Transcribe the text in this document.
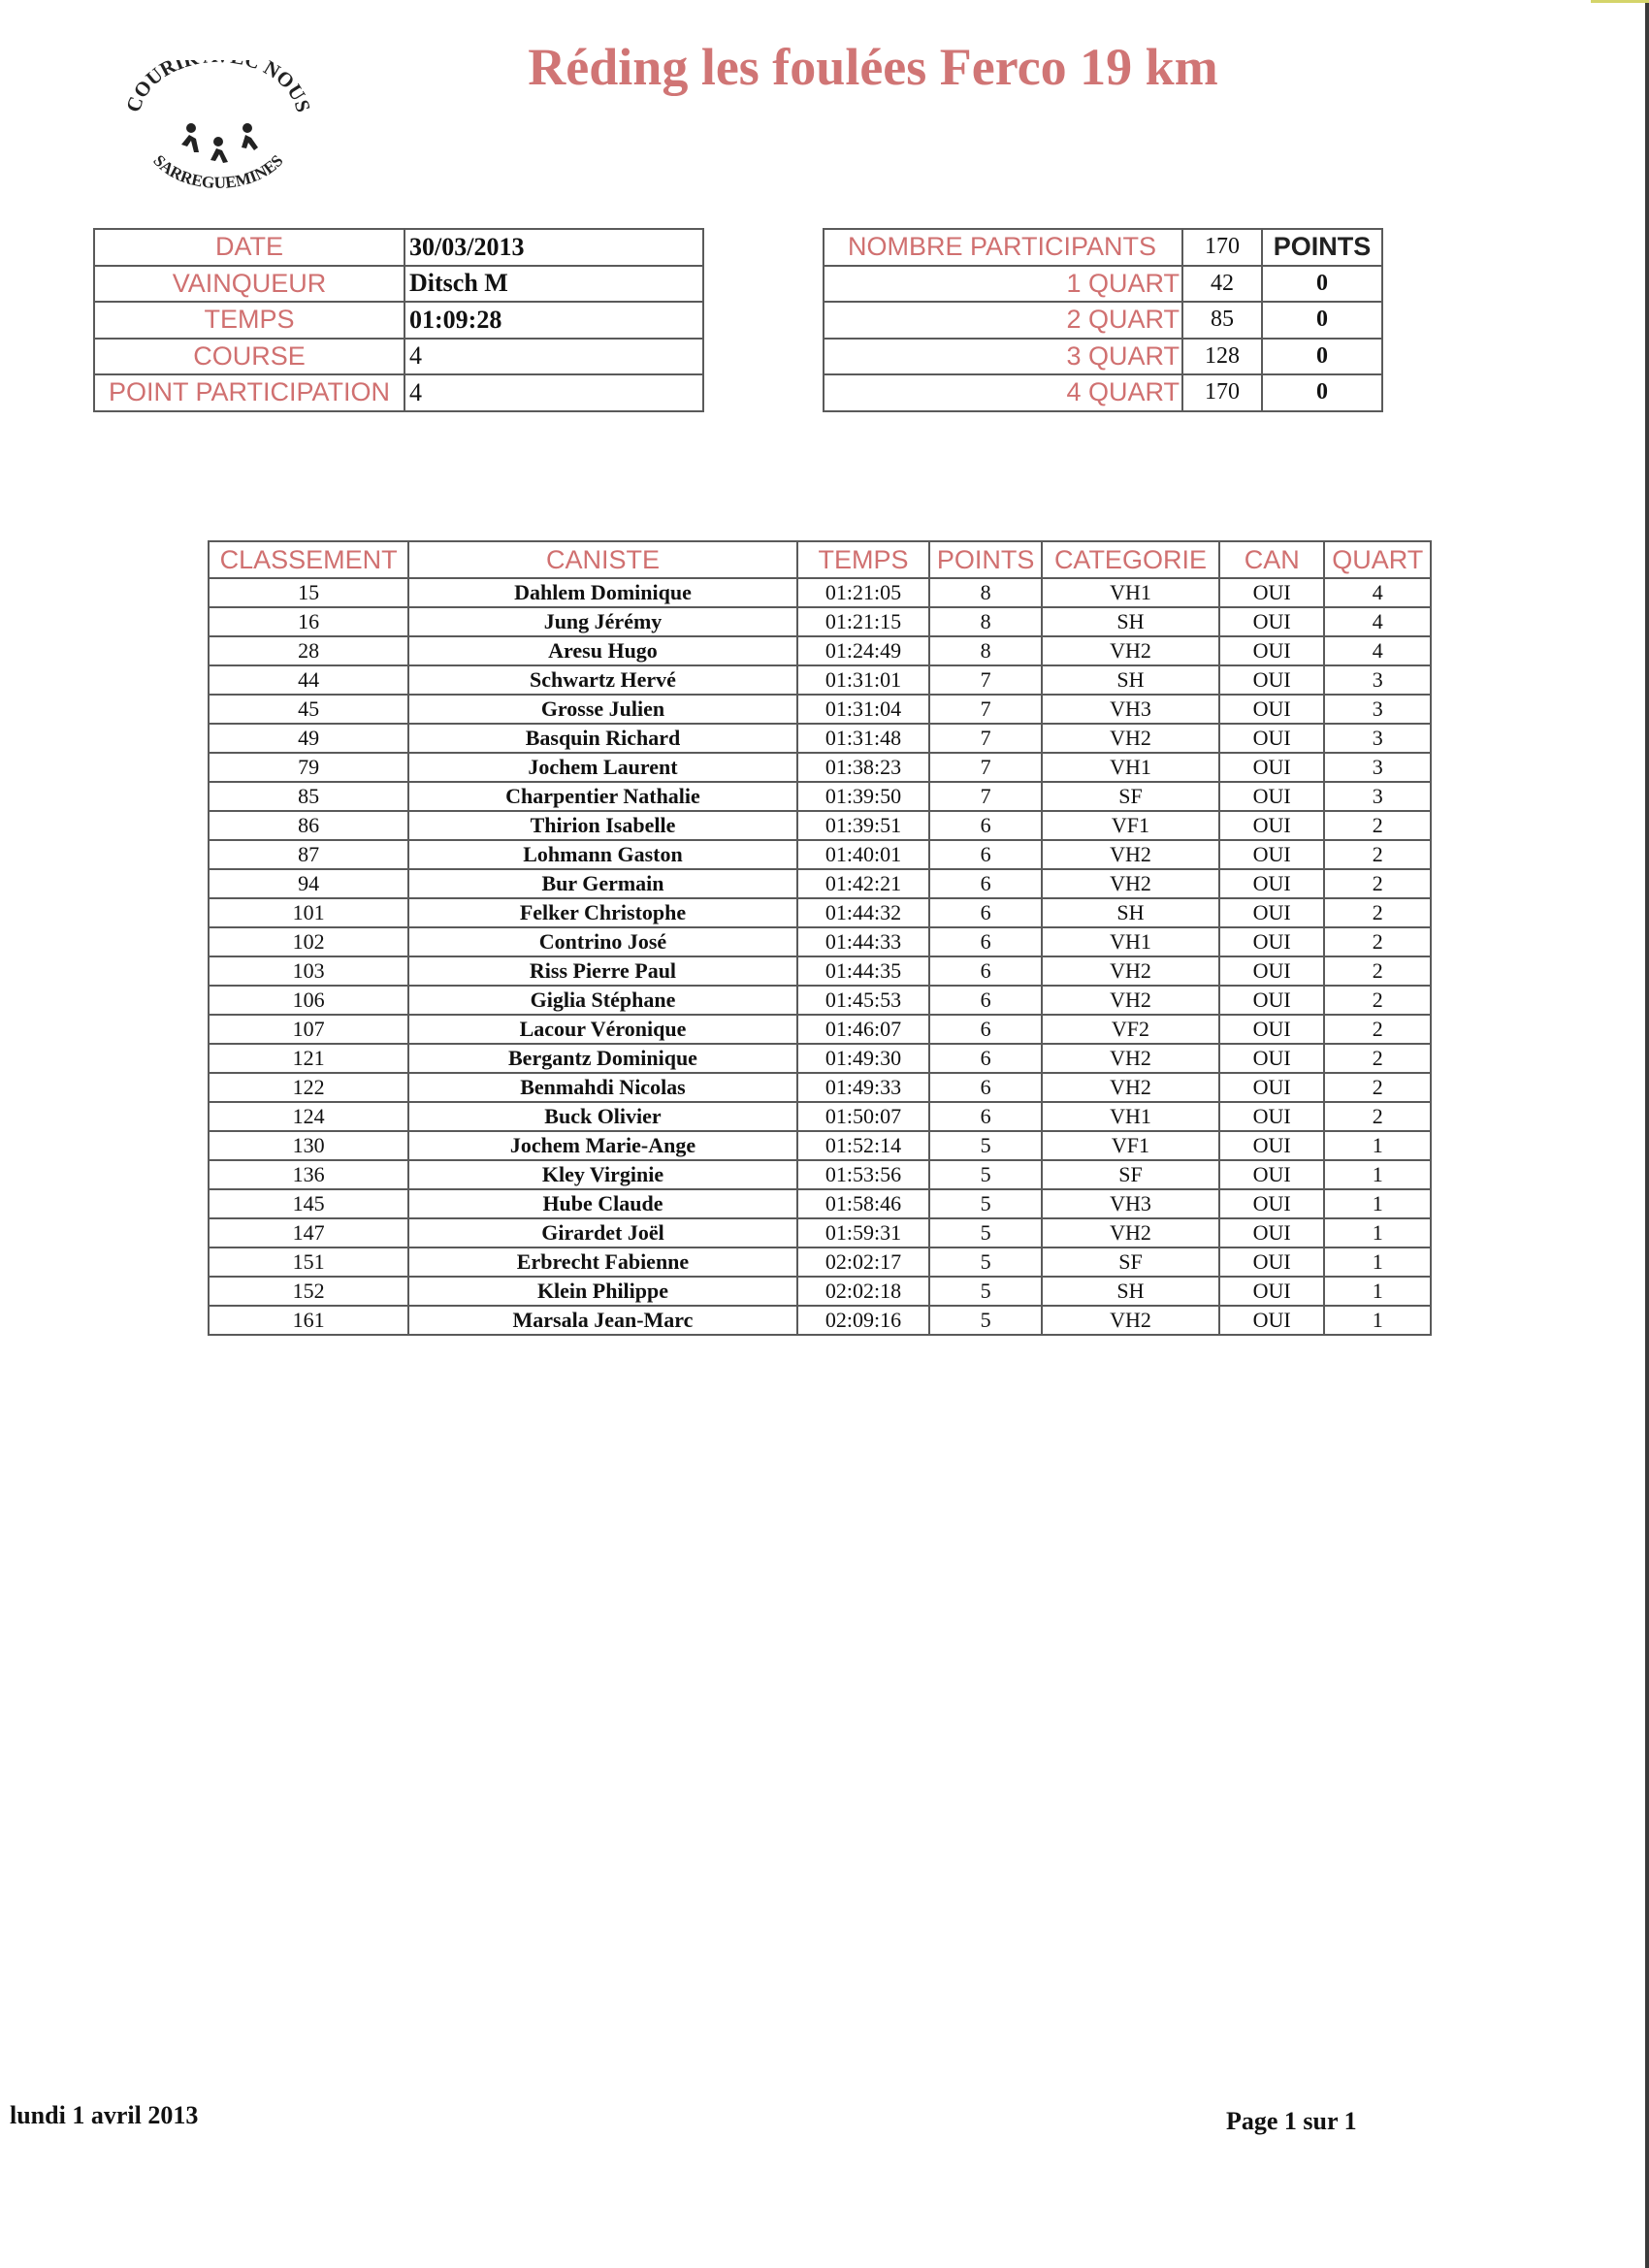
COURI C NOUS
SARREGUEMINES
Réding les foulées Ferco 19 km
DATE	30/03/2013
VAINQUEUR	Ditsch M
TEMPS	01:09:28
COURSE	4
POINT PARTICIPATION	4
NOMBRE PARTICIPANTS	170	POINTS
1 QUART	42	0
2 QUART	85	0
3 QUART	128	0
4 QUART	170	0
CLASSEMENT	CANISTE	TEMPS	POINTS	CATEGORIE	CAN	QUART
15	Dahlem Dominique	01:21:05	8	VH1	OUI	4
16	Jung Jérémy	01:21:15	8	SH	OUI	4
28	Aresu Hugo	01:24:49	8	VH2	OUI	4
44	Schwartz Hervé	01:31:01	7	SH	OUI	3
45	Grosse Julien	01:31:04	7	VH3	OUI	3
49	Basquin Richard	01:31:48	7	VH2	OUI	3
79	Jochem Laurent	01:38:23	7	VH1	OUI	3
85	Charpentier Nathalie	01:39:50	7	SF	OUI	3
86	Thirion Isabelle	01:39:51	6	VF1	OUI	2
87	Lohmann Gaston	01:40:01	6	VH2	OUI	2
94	Bur Germain	01:42:21	6	VH2	OUI	2
101	Felker Christophe	01:44:32	6	SH	OUI	2
102	Contrino José	01:44:33	6	VH1	OUI	2
103	Riss Pierre Paul	01:44:35	6	VH2	OUI	2
106	Giglia Stéphane	01:45:53	6	VH2	OUI	2
107	Lacour Véronique	01:46:07	6	VF2	OUI	2
121	Bergantz Dominique	01:49:30	6	VH2	OUI	2
122	Benmahdi Nicolas	01:49:33	6	VH2	OUI	2
124	Buck Olivier	01:50:07	6	VH1	OUI	2
130	Jochem Marie-Ange	01:52:14	5	VF1	OUI	1
136	Kley Virginie	01:53:56	5	SF	OUI	1
145	Hube Claude	01:58:46	5	VH3	OUI	1
147	Girardet Joël	01:59:31	5	VH2	OUI	1
151	Erbrecht Fabienne	02:02:17	5	SF	OUI	1
152	Klein Philippe	02:02:18	5	SH	OUI	1
161	Marsala Jean-Marc	02:09:16	5	VH2	OUI	1
lundi 1 avril 2013	Page 1 sur 1
